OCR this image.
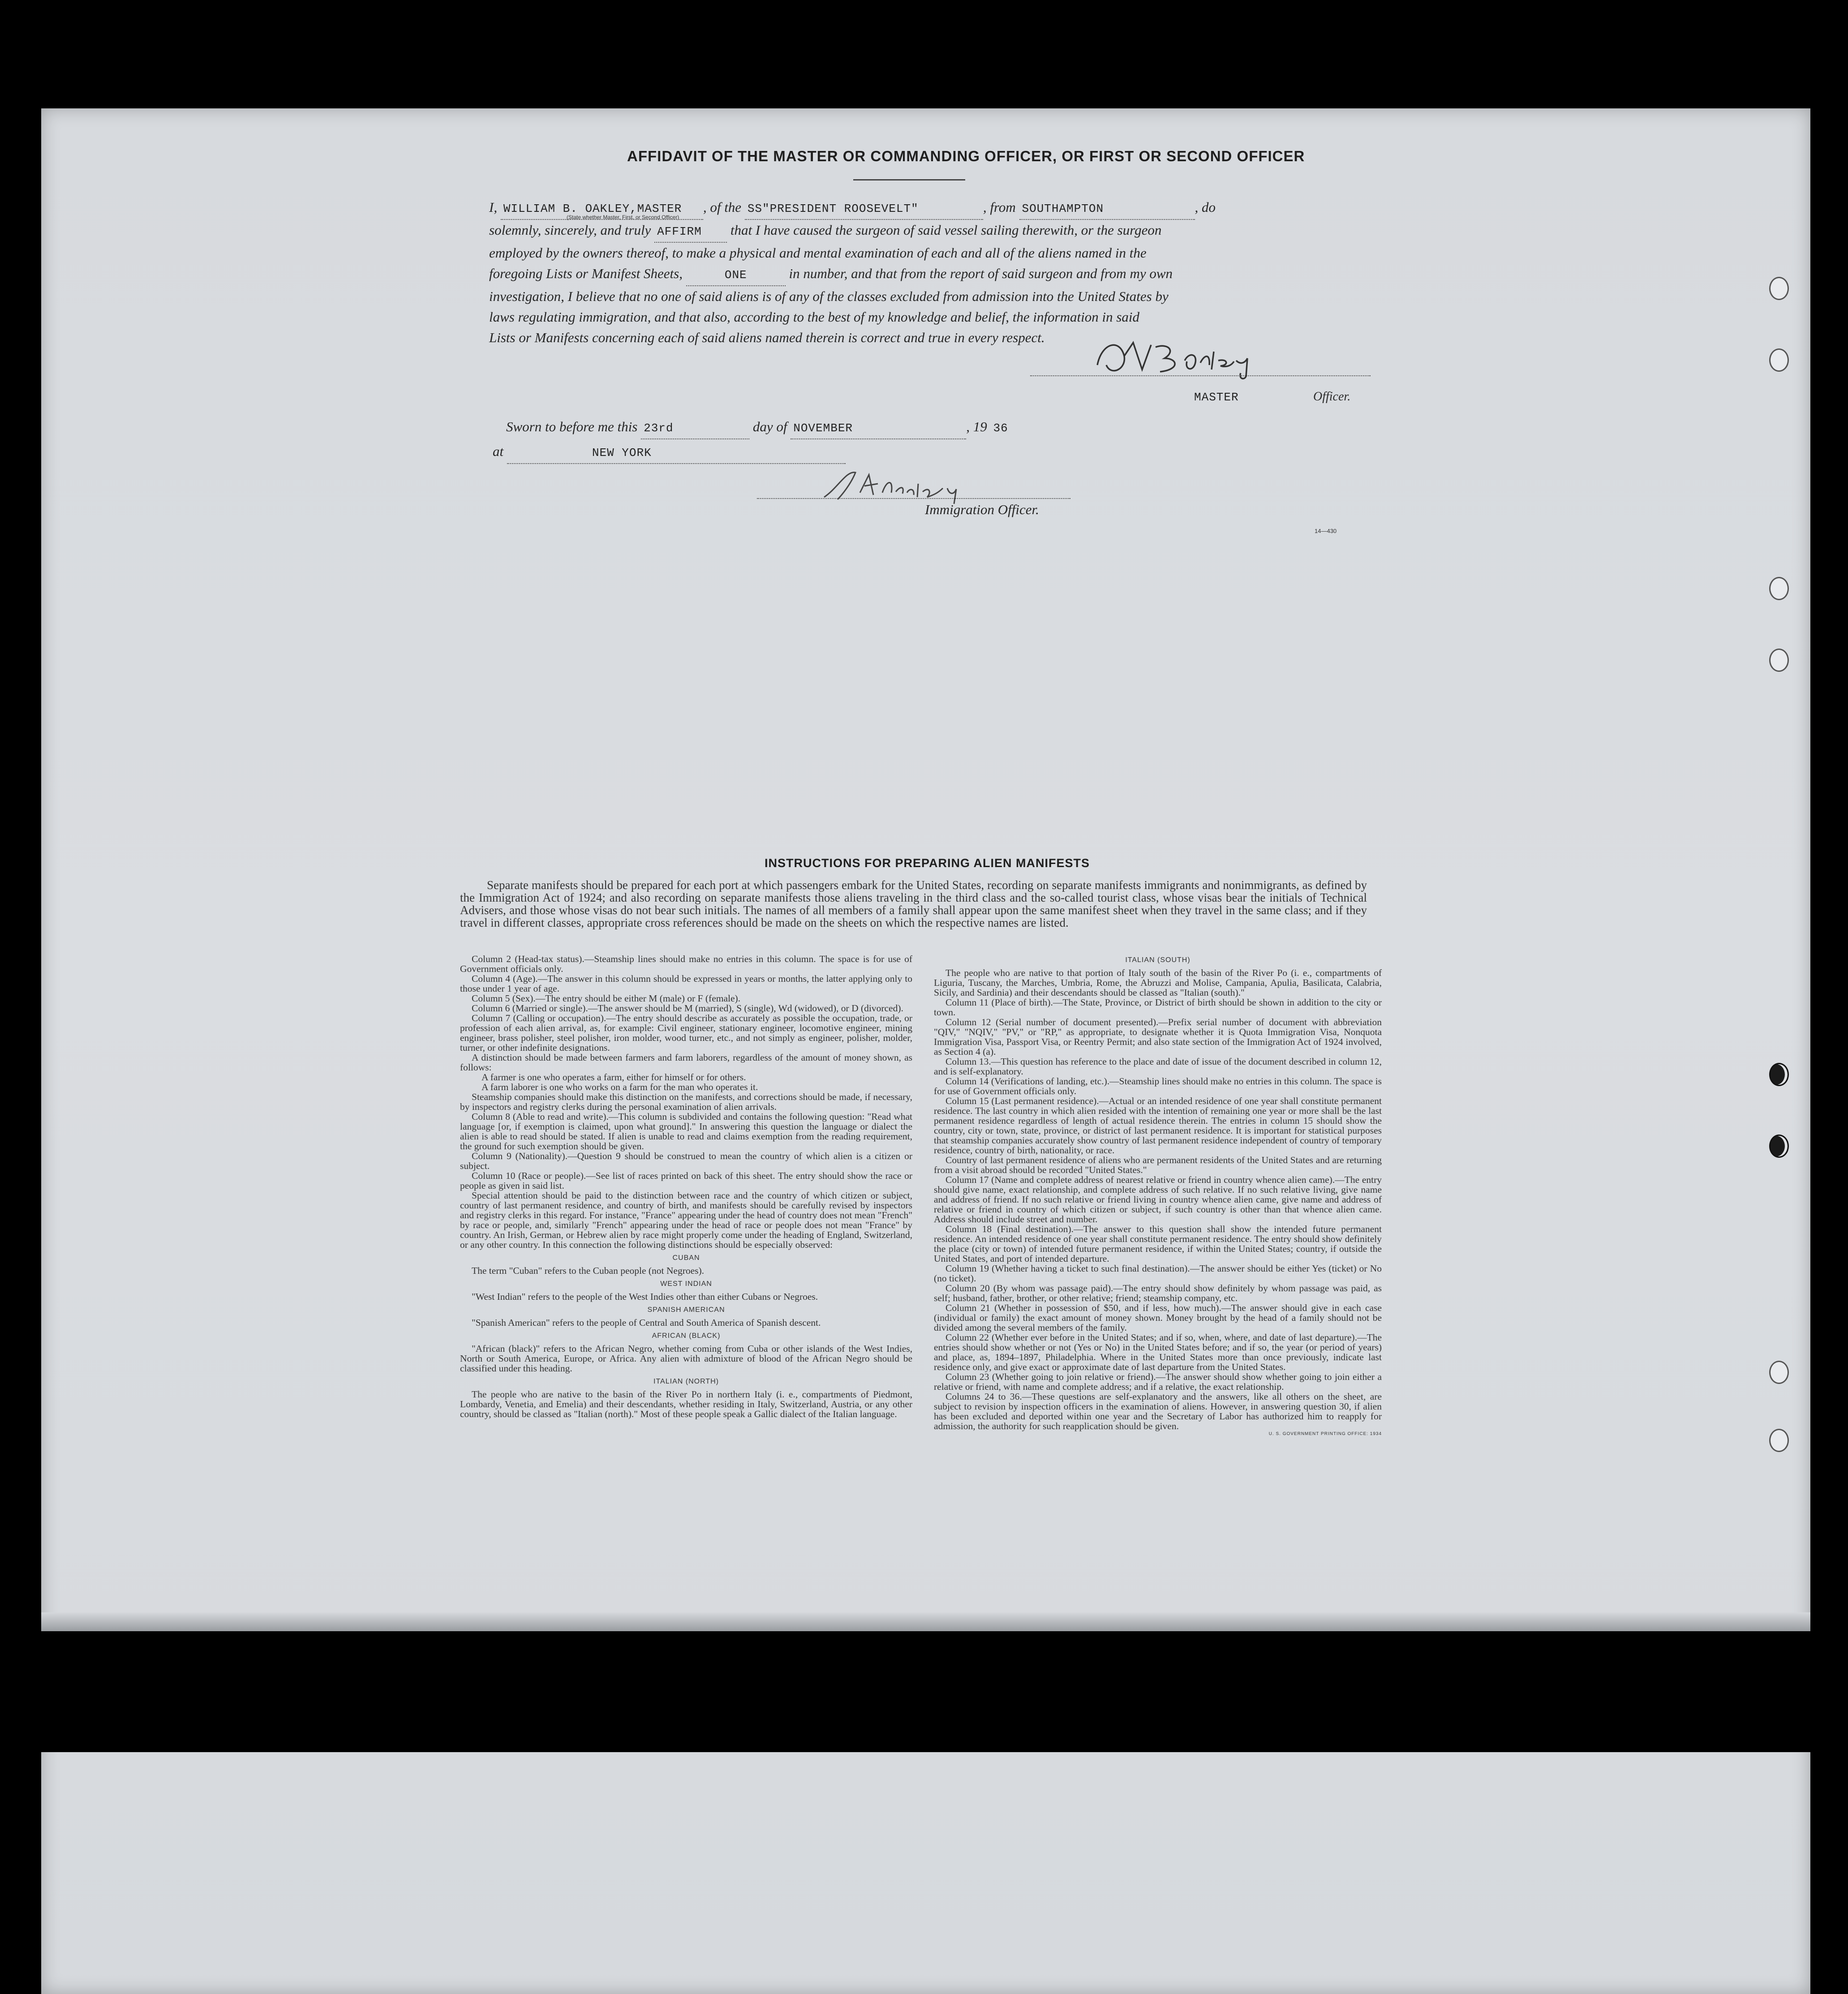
AFFIDAVIT OF THE MASTER OR COMMANDING OFFICER, OR FIRST OR SECOND OFFICER
I, WILLIAM B. OAKLEY,MASTER , of the SS"PRESIDENT ROOSEVELT"	, from SOUTHAMPTON	, do
solemnly, sincerely, and truly AFFIRM that I have caused the surgeon of said vessel sailing therewith, or the surgeon
employed by the owners thereof, to make a physical and mental examination of each and all of the aliens named in the
foregoing Lists or Manifest Sheets,	ONE	in number, and that from the report of said surgeon and from my own
investigation, I believe that no one of said aliens is of any of the classes excluded from admission into the United States by
laws regulating immigration, and that also, according to the best of my knowledge and belief, the information in said
Lists or Manifests concerning each of said aliens named therein is correct and true in every respect.
(State whether Master, First, or Second Officer)
MASTER	Officer.
Sworn to before me this 23rd	day of NOVEMBER	, 19 36
at	NEW YORK
Immigration Officer.
14—430
INSTRUCTIONS FOR PREPARING ALIEN MANIFESTS
Separate manifests should be prepared for each port at which passengers embark for the United States, recording on separate manifests immigrants and nonimmigrants, as defined by the Immigration Act of 1924; and also recording on separate manifests those aliens traveling in the third class and the so-called tourist class, whose visas bear the initials of Technical Advisers, and those whose visas do not bear such initials. The names of all members of a family shall appear upon the same manifest sheet when they travel in the same class; and if they travel in different classes, appropriate cross references should be made on the sheets on which the respective names are listed.

Column 2 (Head-tax status).—Steamship lines should make no entries in this column. The space is for use of Government officials only.

Column 4 (Age).—The answer in this column should be expressed in years or months, the latter applying only to those under 1 year of age.

Column 5 (Sex).—The entry should be either M (male) or F (female).

Column 6 (Married or single).—The answer should be M (married), S (single), Wd (widowed), or D (divorced).

Column 7 (Calling or occupation).—The entry should describe as accurately as possible the occupation, trade, or profession of each alien arrival, as, for example: Civil engineer, stationary engineer, locomotive engineer, mining engineer, brass polisher, steel polisher, iron molder, wood turner, etc., and not simply as engineer, polisher, molder, turner, or other indefinite designations.

A distinction should be made between farmers and farm laborers, regardless of the amount of money shown, as follows:

A farmer is one who operates a farm, either for himself or for others.

A farm laborer is one who works on a farm for the man who operates it.

Steamship companies should make this distinction on the manifests, and corrections should be made, if necessary, by inspectors and registry clerks during the personal examination of alien arrivals.

Column 8 (Able to read and write).—This column is subdivided and contains the following question: "Read what language [or, if exemption is claimed, upon what ground]." In answering this question the language or dialect the alien is able to read should be stated. If alien is unable to read and claims exemption from the reading requirement, the ground for such exemption should be given.

Column 9 (Nationality).—Question 9 should be construed to mean the country of which alien is a citizen or subject.

Column 10 (Race or people).—See list of races printed on back of this sheet. The entry should show the race or people as given in said list.

Special attention should be paid to the distinction between race and the country of which citizen or subject, country of last permanent residence, and country of birth, and manifests should be carefully revised by inspectors and registry clerks in this regard. For instance, "France" appearing under the head of country does not mean "French" by race or people, and, similarly "French" appearing under the head of race or people does not mean "France" by country. An Irish, German, or Hebrew alien by race might properly come under the heading of England, Switzerland, or any other country. In this connection the following distinctions should be especially observed:

CUBAN

The term "Cuban" refers to the Cuban people (not Negroes).

WEST INDIAN

"West Indian" refers to the people of the West Indies other than either Cubans or Negroes.

SPANISH AMERICAN

"Spanish American" refers to the people of Central and South America of Spanish descent.

AFRICAN (BLACK)

"African (black)" refers to the African Negro, whether coming from Cuba or other islands of the West Indies, North or South America, Europe, or Africa. Any alien with admixture of blood of the African Negro should be classified under this heading.

ITALIAN (NORTH)

The people who are native to the basin of the River Po in northern Italy (i. e., compartments of Piedmont, Lombardy, Venetia, and Emelia) and their descendants, whether residing in Italy, Switzerland, Austria, or any other country, should be classed as "Italian (north)." Most of these people speak a Gallic dialect of the Italian language.

ITALIAN (SOUTH)

The people who are native to that portion of Italy south of the basin of the River Po (i. e., compartments of Liguria, Tuscany, the Marches, Umbria, Rome, the Abruzzi and Molise, Campania, Apulia, Basilicata, Calabria, Sicily, and Sardinia) and their descendants should be classed as "Italian (south)."

Column 11 (Place of birth).—The State, Province, or District of birth should be shown in addition to the city or town.

Column 12 (Serial number of document presented).—Prefix serial number of document with abbreviation "QIV," "NQIV," "PV," or "RP," as appropriate, to designate whether it is Quota Immigration Visa, Nonquota Immigration Visa, Passport Visa, or Reentry Permit; and also state section of the Immigration Act of 1924 involved, as Section 4 (a).

Column 13.—This question has reference to the place and date of issue of the document described in column 12, and is self-explanatory.

Column 14 (Verifications of landing, etc.).—Steamship lines should make no entries in this column. The space is for use of Government officials only.

Column 15 (Last permanent residence).—Actual or an intended residence of one year shall constitute permanent residence. The last country in which alien resided with the intention of remaining one year or more shall be the last permanent residence regardless of length of actual residence therein. The entries in column 15 should show the country, city or town, state, province, or district of last permanent residence. It is important for statistical purposes that steamship companies accurately show country of last permanent residence independent of country of temporary residence, country of birth, nationality, or race.

Country of last permanent residence of aliens who are permanent residents of the United States and are returning from a visit abroad should be recorded "United States."

Column 17 (Name and complete address of nearest relative or friend in country whence alien came).—The entry should give name, exact relationship, and complete address of such relative. If no such relative living, give name and address of friend. If no such relative or friend living in country whence alien came, give name and address of relative or friend in country of which citizen or subject, if such country is other than that whence alien came. Address should include street and number.

Column 18 (Final destination).—The answer to this question shall show the intended future permanent residence. An intended residence of one year shall constitute permanent residence. The entry should show definitely the place (city or town) of intended future permanent residence, if within the United States; country, if outside the United States, and port of intended departure.

Column 19 (Whether having a ticket to such final destination).—The answer should be either Yes (ticket) or No (no ticket).

Column 20 (By whom was passage paid).—The entry should show definitely by whom passage was paid, as self; husband, father, brother, or other relative; friend; steamship company, etc.

Column 21 (Whether in possession of $50, and if less, how much).—The answer should give in each case (individual or family) the exact amount of money shown. Money brought by the head of a family should not be divided among the several members of the family.

Column 22 (Whether ever before in the United States; and if so, when, where, and date of last departure).—The entries should show whether or not (Yes or No) in the United States before; and if so, the year (or period of years) and place, as, 1894–1897, Philadelphia. Where in the United States more than once previously, indicate last residence only, and give exact or approximate date of last departure from the United States.

Column 23 (Whether going to join relative or friend).—The answer should show whether going to join either a relative or friend, with name and complete address; and if a relative, the exact relationship.

Columns 24 to 36.—These questions are self-explanatory and the answers, like all others on the sheet, are subject to revision by inspection officers in the examination of aliens. However, in answering question 30, if alien has been excluded and deported within one year and the Secretary of Labor has authorized him to reapply for admission, the authority for such reapplication should be given.

U. S. GOVERNMENT PRINTING OFFICE: 1934
